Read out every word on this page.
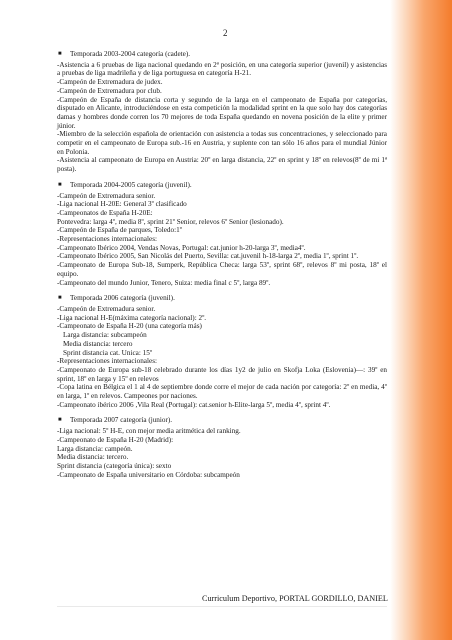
2
■	Temporada 2003-2004 categoría (cadete).

-Asistencia a 6 pruebas de liga nacional quedando en 2ª posición, en una categoría superior (juvenil) y asistencias a pruebas de liga madrileña y de liga portuguesa en categoría H-21.

-Campeón de Extremadura de judex.

-Campeón de Extremadura por club.

-Campeón de España de distancia corta y segundo de la larga en el campeonato de España por categorías, disputado en Alicante, introduciéndose en esta competición la modalidad sprint en la que solo hay dos categorías damas y hombres donde corren los 70 mejores de toda España quedando en novena posición de la elite y primer júnior.

-Miembro de la selección española de orientación con asistencia a todas sus concentraciones, y seleccionado para competir en el campeonato de Europa sub.-16 en Austria, y suplente con tan sólo 16 años para el mundial Júnior en Polonia.

-Asistencia al campeonato de Europa en Austria: 20º en larga distancia, 22º en sprint y 18º en relevos(8º de mi 1ª posta).

■	Temporada 2004-2005 categoría (juvenil).

-Campeón de Extremadura senior.

-Liga nacional H-20E: General 3º clasificado

-Campeonatos de España H-20E:

Pontevedra: larga 4º, media 8º, sprint 21º Senior, relevos 6º Senior (lesionado).

-Campeón de España de parques, Toledo:1º

-Representaciones internacionales:

-Campeonato Ibérico 2004, Vendas Novas, Portugal: cat.junior h-20-larga 3º, media4º.

-Campeonato Ibérico 2005, San Nicolás del Puerto, Sevilla: cat.juvenil h-18-larga 2º, media 1º, sprint 1º.

-Campeonato de Europa Sub-18, Sumperk, República Checa: larga 53º, sprint 68º, relevos 8º mi posta, 18º el equipo.

-Campeonato del mundo Junior, Tenero, Suiza: media final c 5º, larga 89º.

■	Temporada 2006 categoría (juvenil).

-Campeón de Extremadura senior.

-Liga nacional H-E(máxima categoría nacional): 2º.

-Campeonato de España H-20 (una categoría más)

Larga distancia: subcampeón

Media distancia: tercero

Sprint distancia cat. Unica: 15º

-Representaciones internacionales:

-Campeonato de Europa sub-18 celebrado durante los días 1y2 de julio en Skofja Loka (Eslovenia)—: 39º en sprint, 18º en larga y 15º en relevos

-Copa latina en Bélgica el 1 al 4 de septiembre donde corre el mejor de cada nación por categoría: 2º en media, 4º en larga, 1º en relevos. Campeones por naciones.

-Campeonato ibérico 2006 ,Vila Real (Portugal): cat.senior h-Elite-larga 5º, media 4º, sprint 4º.

■	Temporada 2007 categoría (junior).

-Liga nacional: 5º H-E, con mejor media aritmética del ranking.

-Campeonato de España H-20 (Madrid):

Larga distancia: campeón.

Media distancia: tercero.

Sprint distancia (categoría única): sexto

-Campeonato de España universitario en Córdoba: subcampeón

Curriculum Deportivo, PORTAL GORDILLO, DANIEL
